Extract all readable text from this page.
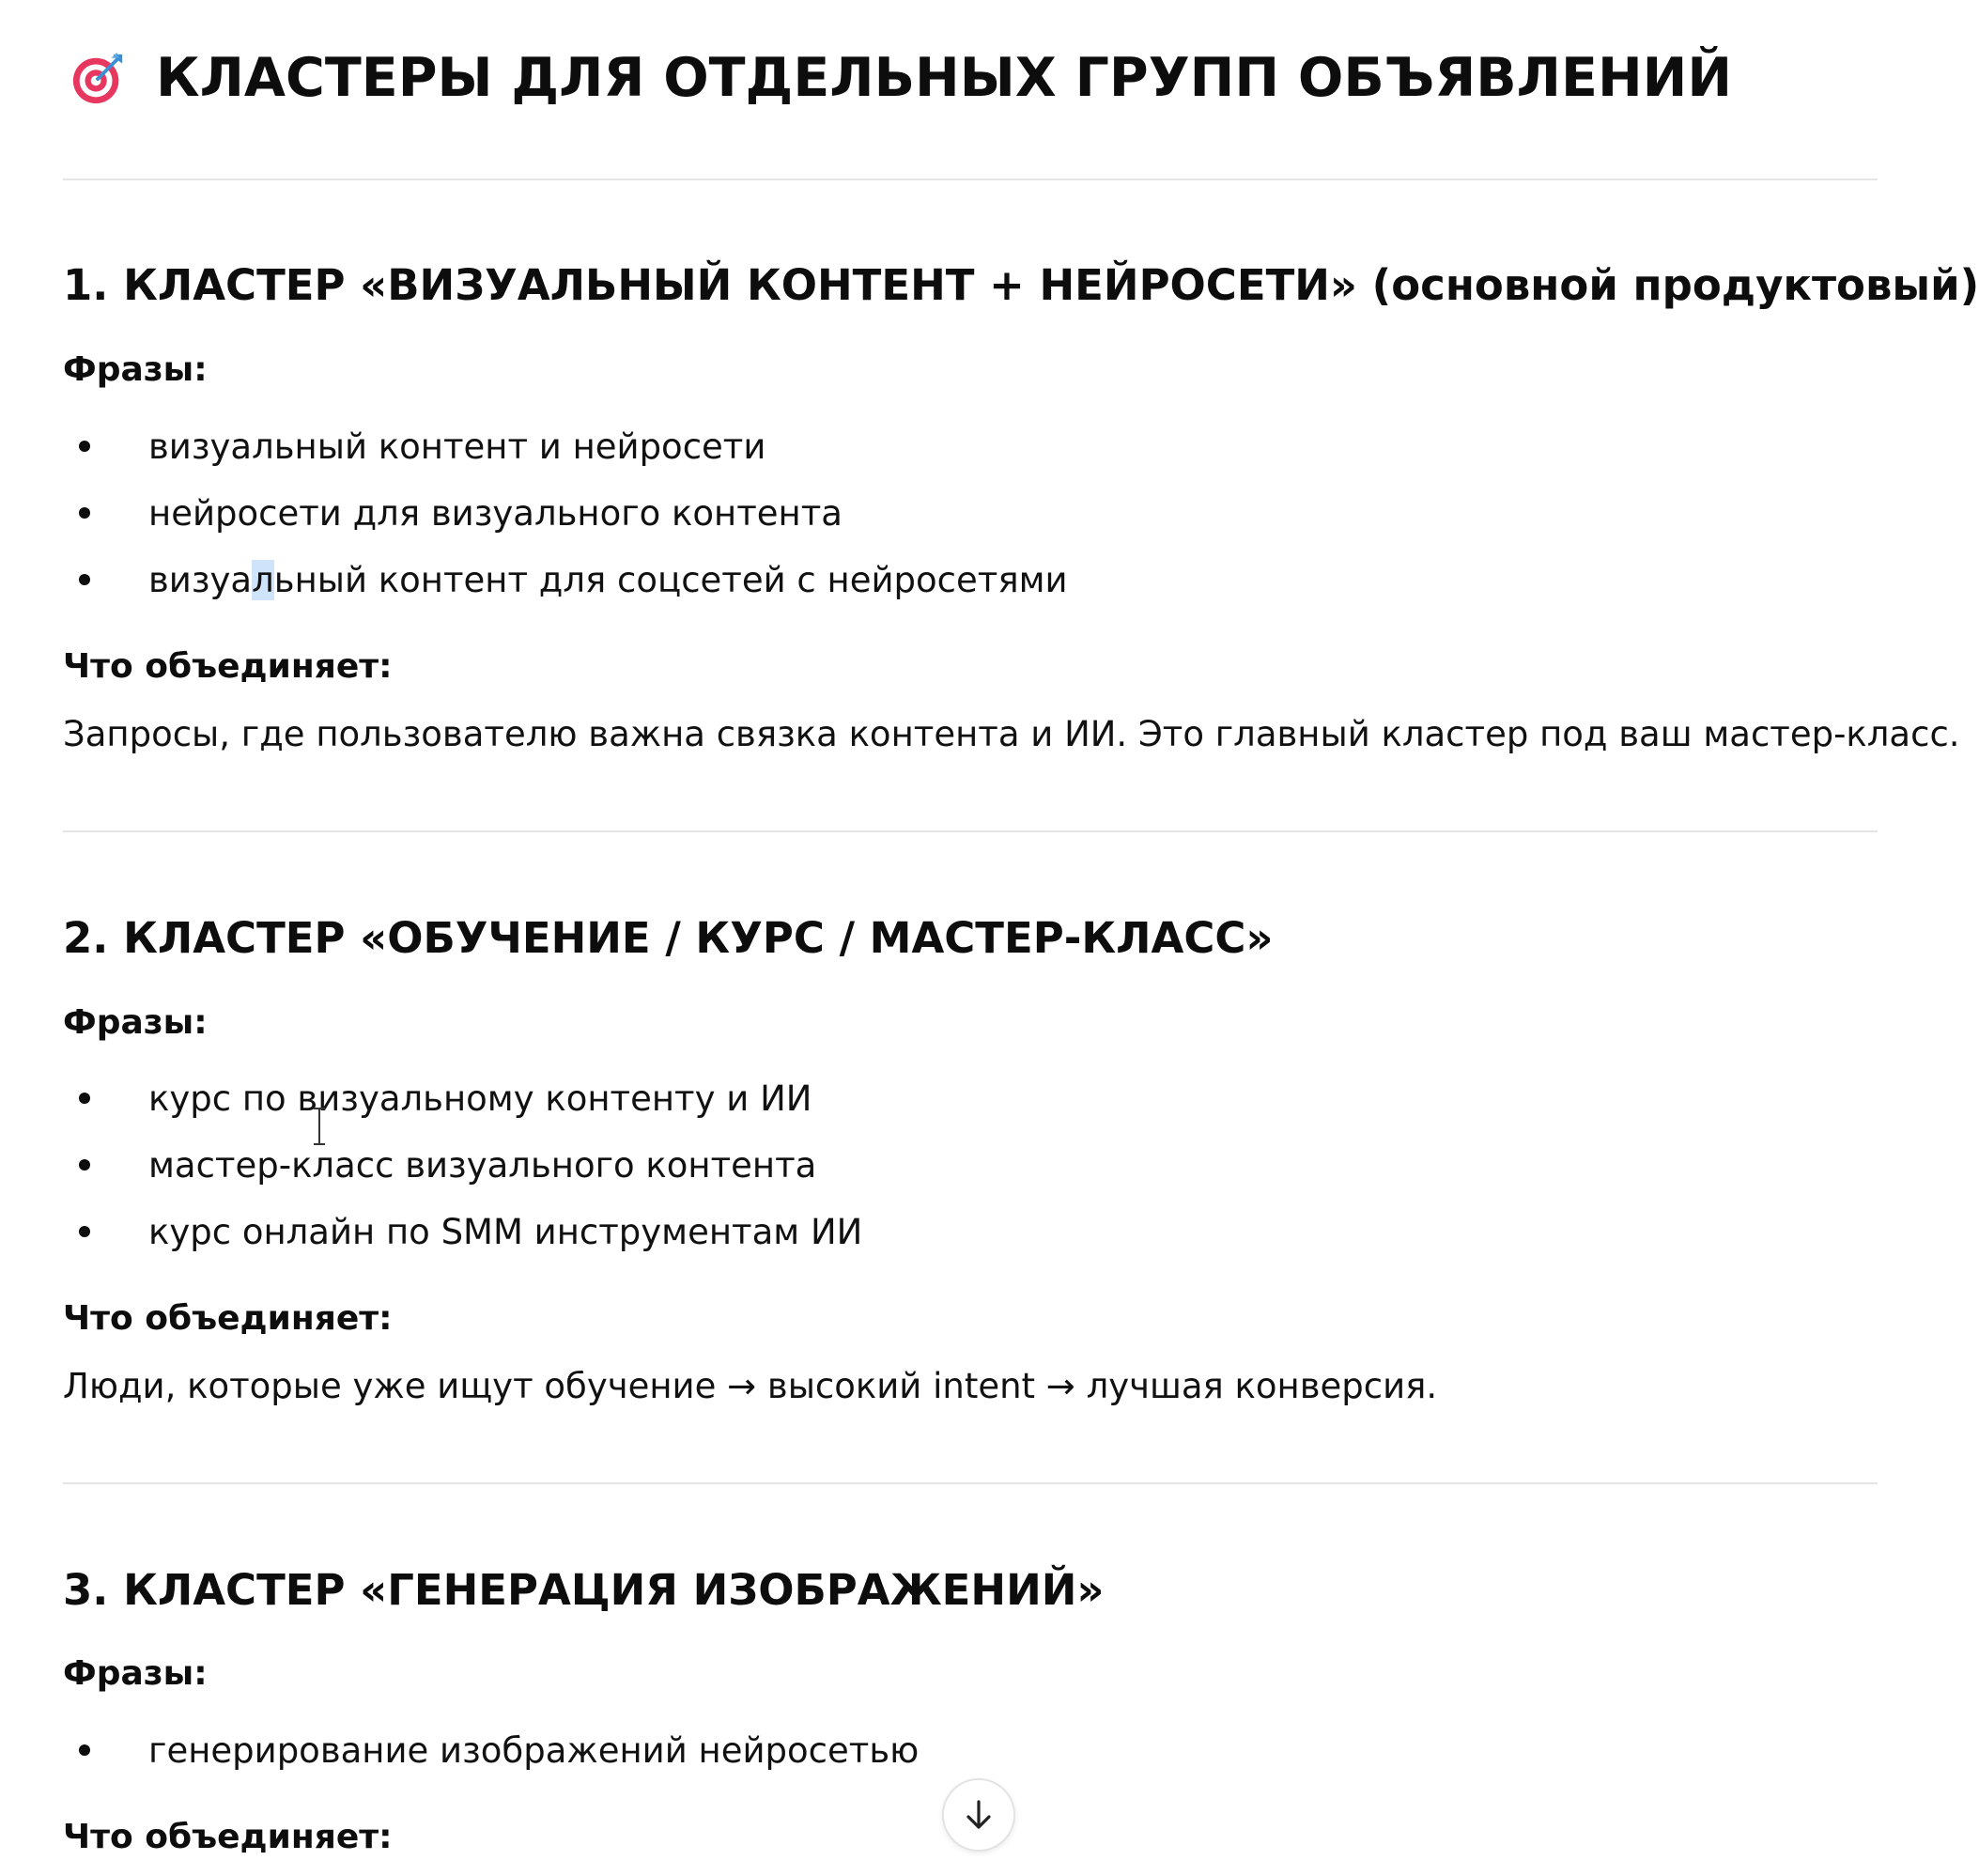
КЛАСТЕРЫ ДЛЯ ОТДЕЛЬНЫХ ГРУПП ОБЪЯВЛЕНИЙ
1. КЛАСТЕР «ВИЗУАЛЬНЫЙ КОНТЕНТ + НЕЙРОСЕТИ» (основной продуктовый)
Фразы:
визуальный контент и нейросети
нейросети для визуального контента
визуальный контент для соцсетей с нейросетями
Что объединяет:
Запросы, где пользователю важна связка контента и ИИ. Это главный кластер под ваш мастер-класс.
2. КЛАСТЕР «ОБУЧЕНИЕ / КУРС / МАСТЕР-КЛАСС»
Фразы:
курс по визуальному контенту и ИИ
мастер-класс визуального контента
курс онлайн по SMM инструментам ИИ
Что объединяет:
Люди, которые уже ищут обучение → высокий intent → лучшая конверсия.
3. КЛАСТЕР «ГЕНЕРАЦИЯ ИЗОБРАЖЕНИЙ»
Фразы:
генерирование изображений нейросетью
Что объединяет:
